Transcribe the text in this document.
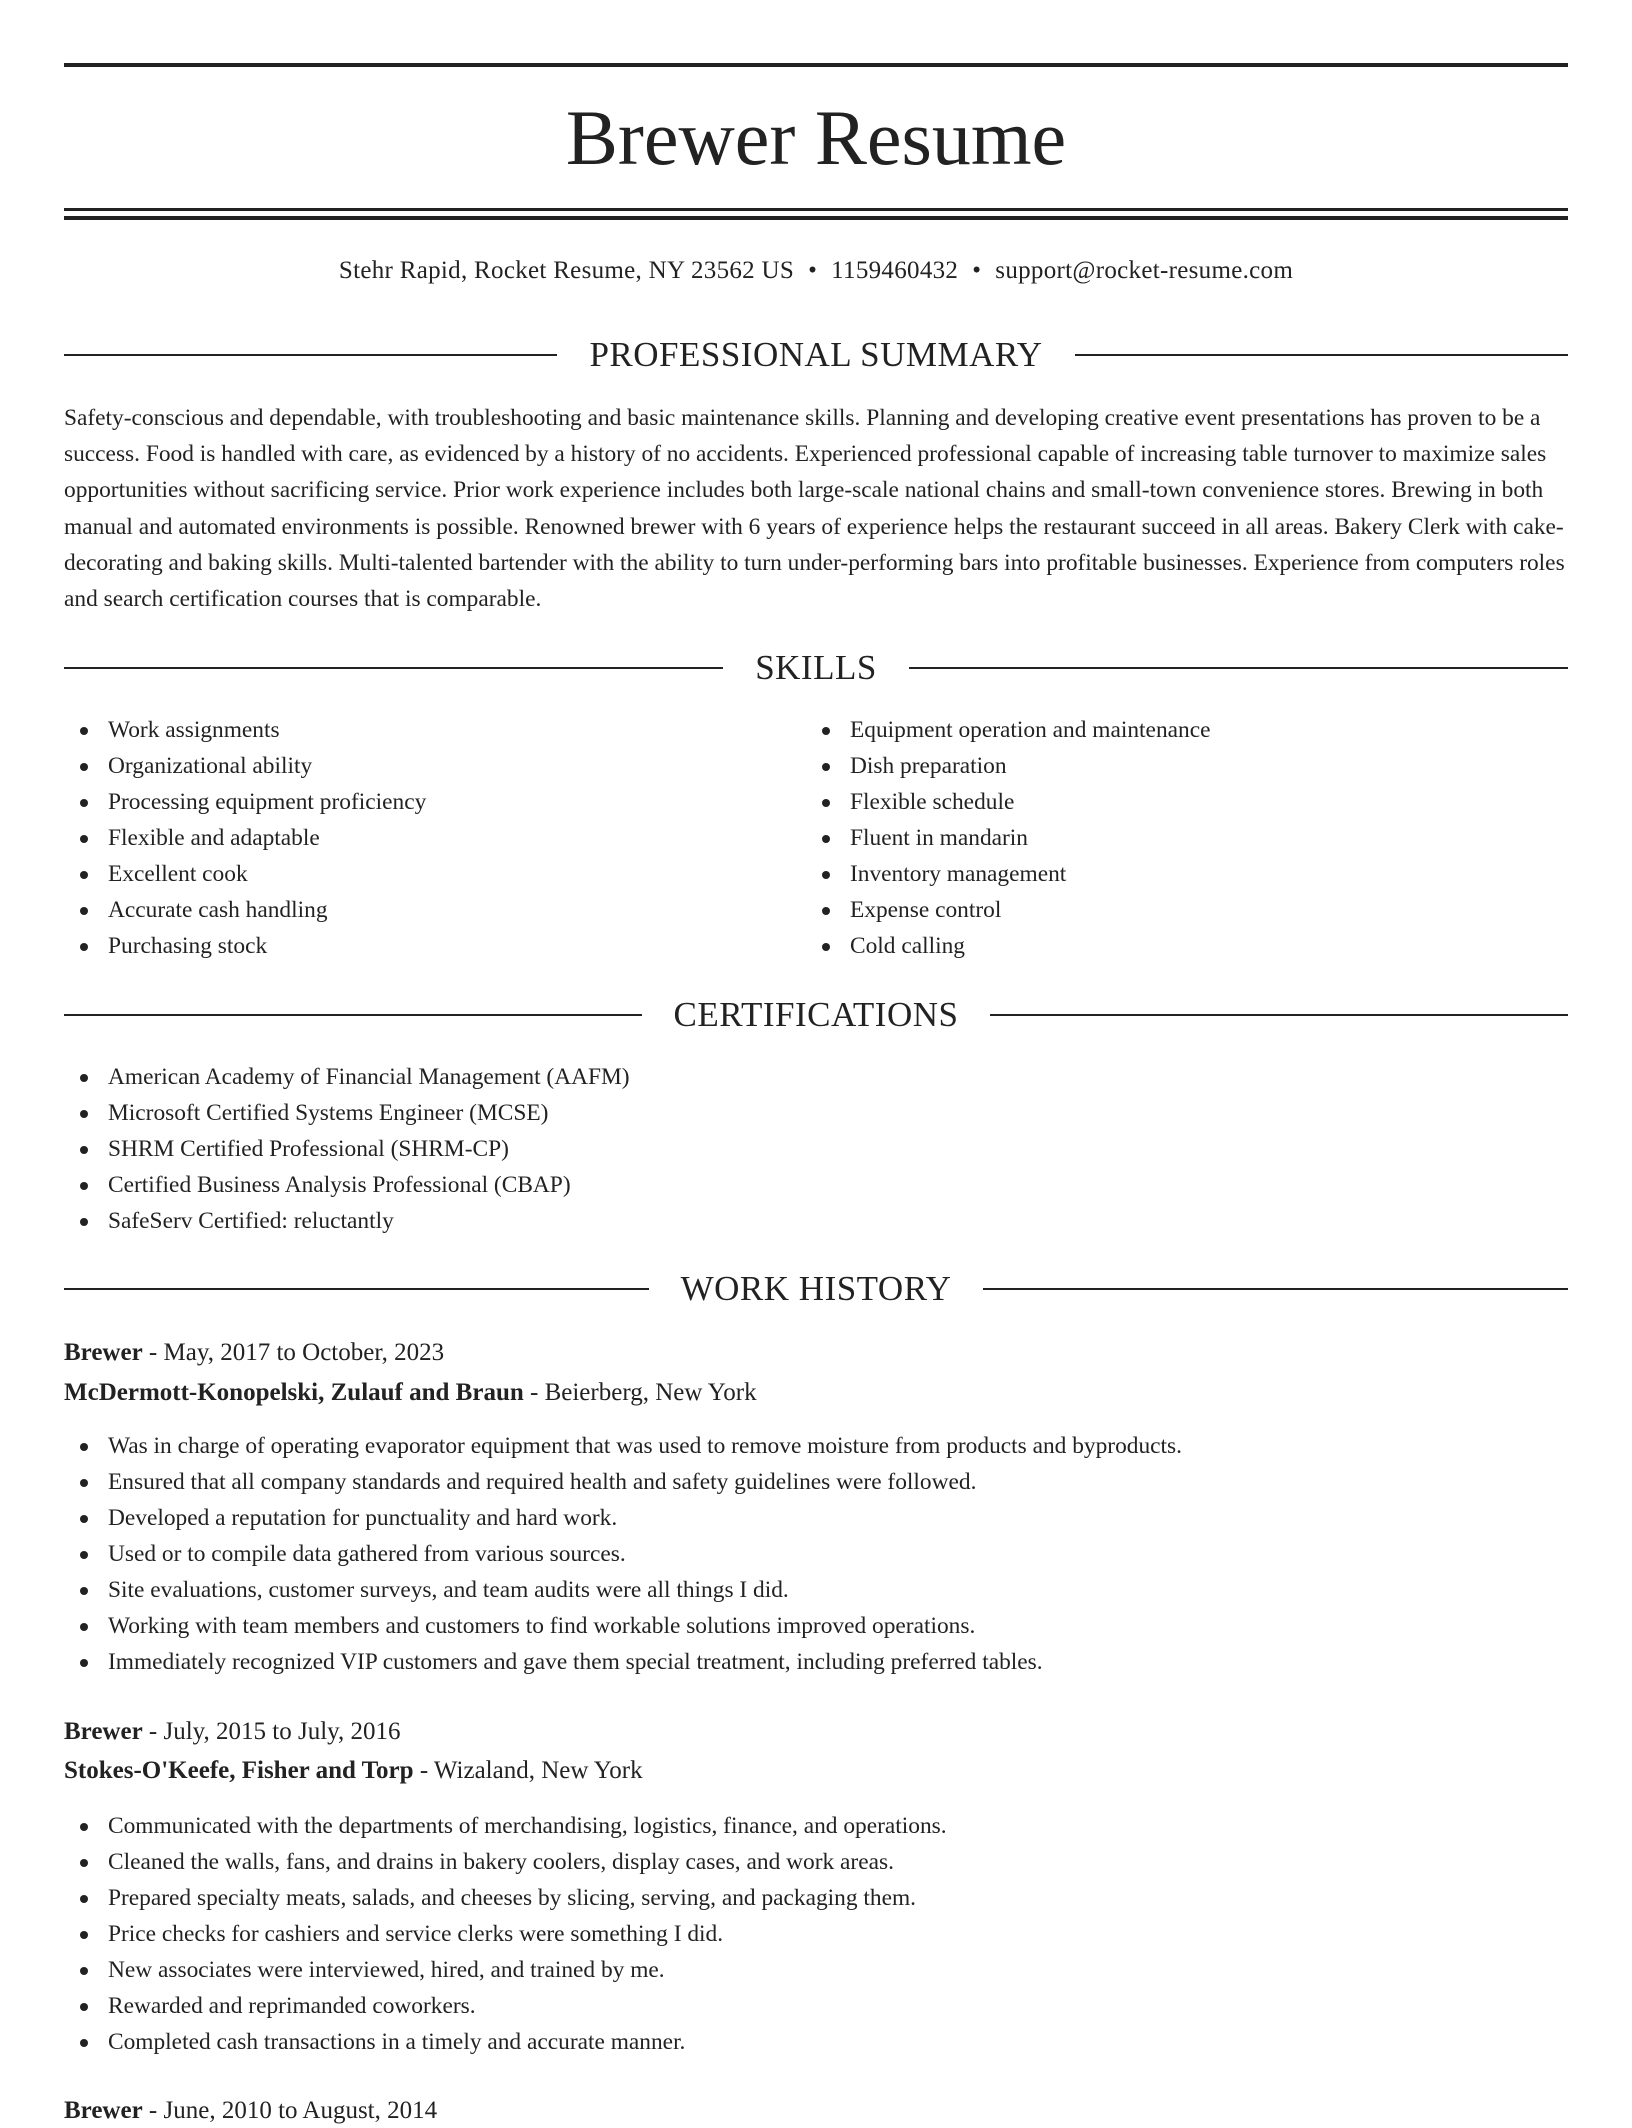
Brewer Resume
Stehr Rapid, Rocket Resume, NY 23562 US • 1159460432 • support@rocket-resume.com
PROFESSIONAL SUMMARY

Safety-conscious and dependable, with troubleshooting and basic maintenance skills. Planning and developing creative event presentations has proven to be a success. Food is handled with care, as evidenced by a history of no accidents. Experienced professional capable of increasing table turnover to maximize sales opportunities without sacrificing service. Prior work experience includes both large-scale national chains and small-town convenience stores. Brewing in both manual and automated environments is possible. Renowned brewer with 6 years of experience helps the restaurant succeed in all areas. Bakery Clerk with cake-decorating and baking skills. Multi-talented bartender with the ability to turn under-performing bars into profitable businesses. Experience from computers roles and search certification courses that is comparable.

SKILLS
Work assignments
Organizational ability
Processing equipment proficiency
Flexible and adaptable
Excellent cook
Accurate cash handling
Purchasing stock
Equipment operation and maintenance
Dish preparation
Flexible schedule
Fluent in mandarin
Inventory management
Expense control
Cold calling
CERTIFICATIONS
American Academy of Financial Management (AAFM)
Microsoft Certified Systems Engineer (MCSE)
SHRM Certified Professional (SHRM-CP)
Certified Business Analysis Professional (CBAP)
SafeServ Certified: reluctantly
WORK HISTORY
Brewer - May, 2017 to October, 2023
McDermott-Konopelski, Zulauf and Braun - Beierberg, New York
Was in charge of operating evaporator equipment that was used to remove moisture from products and byproducts.
Ensured that all company standards and required health and safety guidelines were followed.
Developed a reputation for punctuality and hard work.
Used or to compile data gathered from various sources.
Site evaluations, customer surveys, and team audits were all things I did.
Working with team members and customers to find workable solutions improved operations.
Immediately recognized VIP customers and gave them special treatment, including preferred tables.
Brewer - July, 2015 to July, 2016
Stokes-O'Keefe, Fisher and Torp - Wizaland, New York
Communicated with the departments of merchandising, logistics, finance, and operations.
Cleaned the walls, fans, and drains in bakery coolers, display cases, and work areas.
Prepared specialty meats, salads, and cheeses by slicing, serving, and packaging them.
Price checks for cashiers and service clerks were something I did.
New associates were interviewed, hired, and trained by me.
Rewarded and reprimanded coworkers.
Completed cash transactions in a timely and accurate manner.
Brewer - June, 2010 to August, 2014
